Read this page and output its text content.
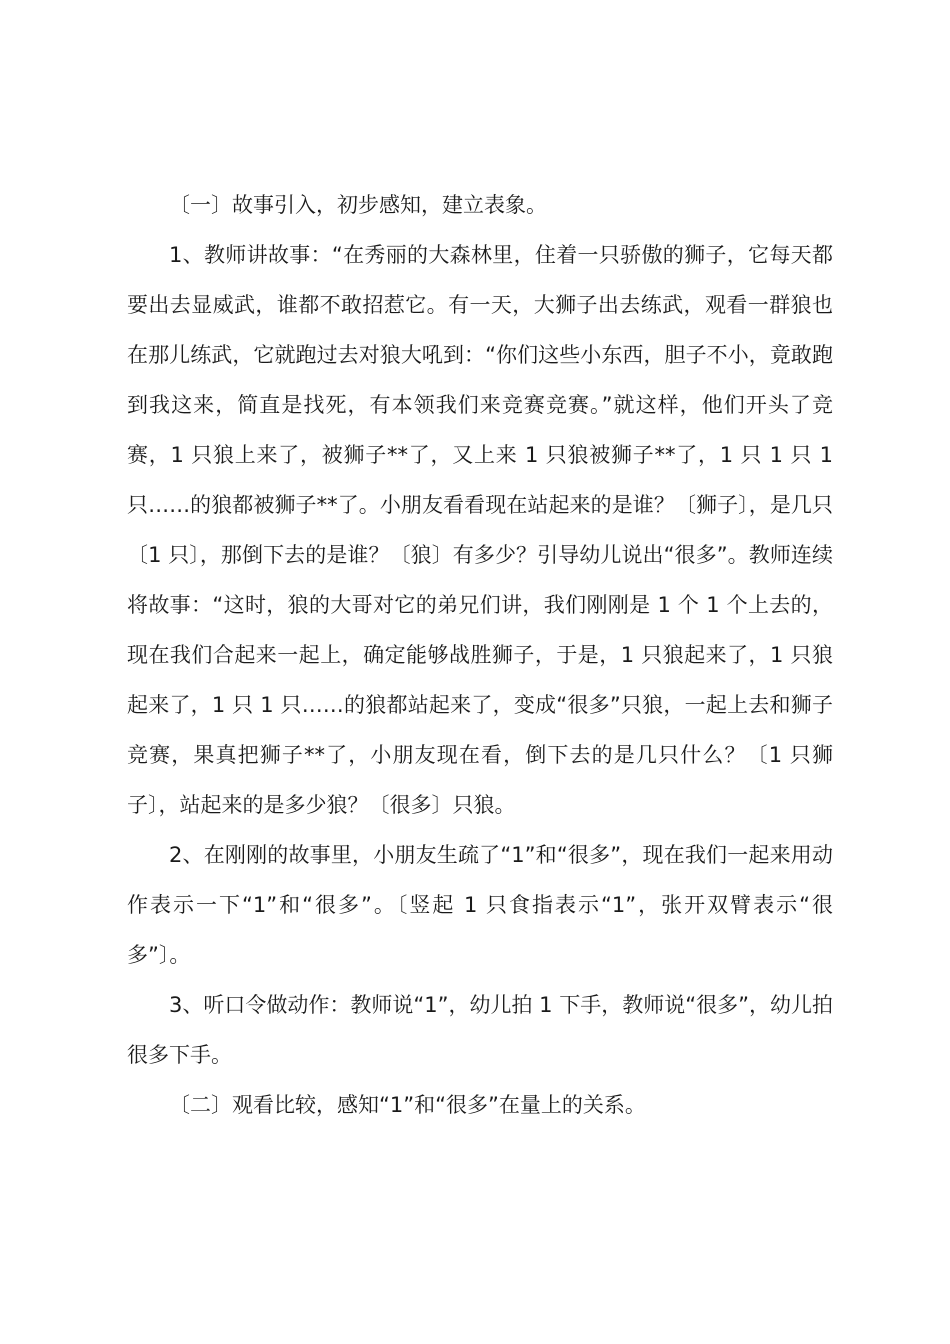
〔一〕故事引入，初步感知，建立表象。

1、教师讲故事：“在秀丽的大森林里，住着一只骄傲的狮子，它每天都要出去显威武，谁都不敢招惹它。有一天，大狮子出去练武，观看一群狼也在那儿练武，它就跑过去对狼大吼到：“你们这些小东西，胆子不小，竟敢跑到我这来，简直是找死，有本领我们来竞赛竞赛。”就这样，他们开头了竞赛，1 只狼上来了，被狮子**了，又上来 1 只狼被狮子**了，1 只 1 只 1 只……的狼都被狮子**了。小朋友看看现在站起来的是谁？〔狮子〕，是几只〔1 只〕，那倒下去的是谁？〔狼〕有多少？引导幼儿说出“很多”。教师连续将故事：“这时，狼的大哥对它的弟兄们讲，我们刚刚是 1 个 1 个上去的，现在我们合起来一起上，确定能够战胜狮子，于是，1 只狼起来了，1 只狼起来了，1 只 1 只……的狼都站起来了，变成“很多”只狼，一起上去和狮子竞赛，果真把狮子**了，小朋友现在看，倒下去的是几只什么？〔1 只狮子〕，站起来的是多少狼？〔很多〕只狼。

2、在刚刚的故事里，小朋友生疏了“1”和“很多”，现在我们一起来用动作表示一下“1”和“很多”。〔竖起 1 只食指表示“1”，张开双臂表示“很多”〕。

3、听口令做动作：教师说“1”，幼儿拍 1 下手，教师说“很多”，幼儿拍很多下手。

〔二〕观看比较，感知“1”和“很多”在量上的关系。
